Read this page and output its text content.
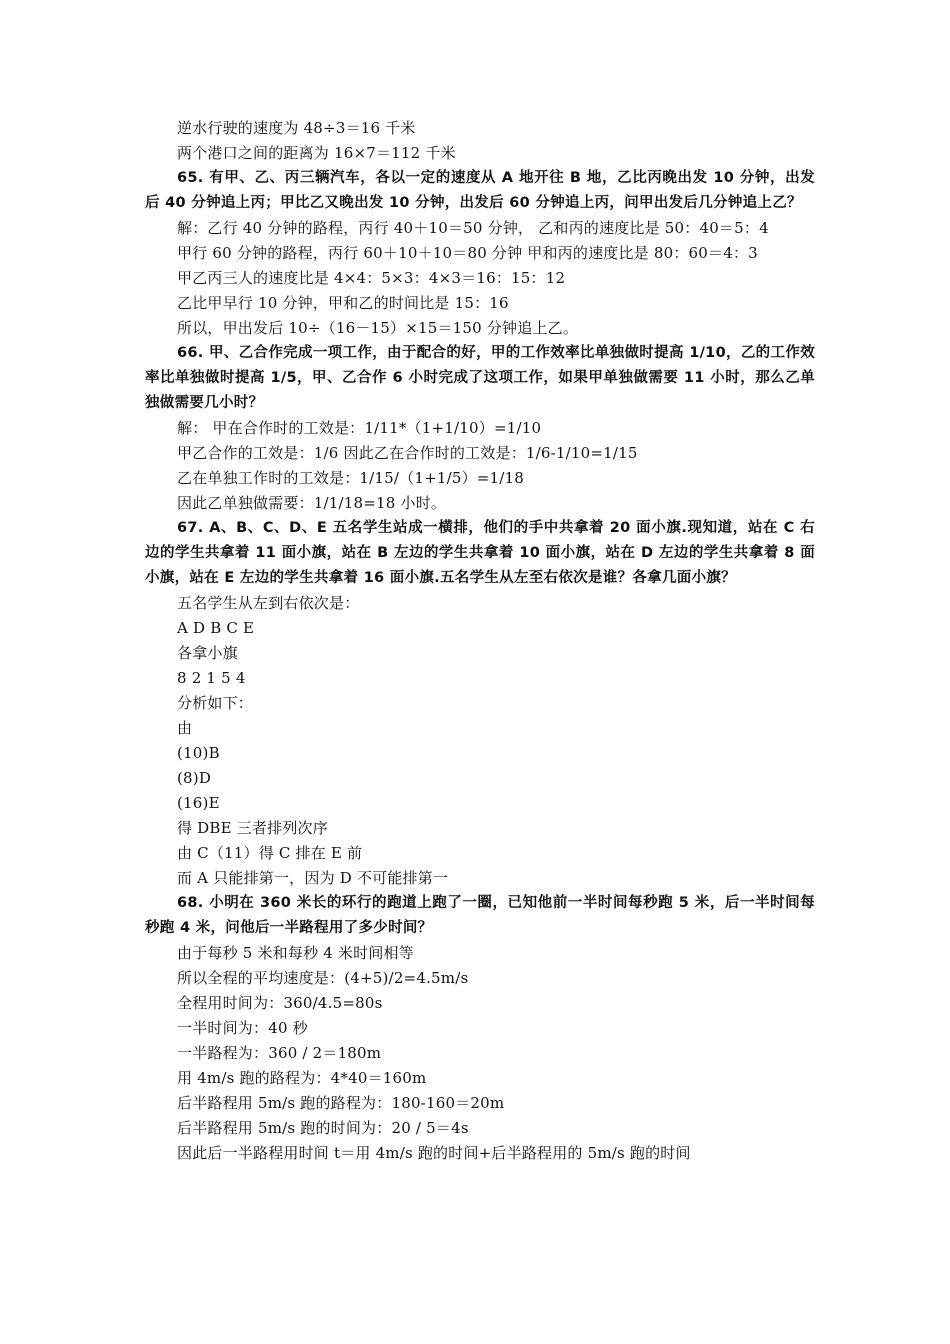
逆水行驶的速度为 48÷3＝16 千米
两个港口之间的距离为 16×7＝112 千米
65. 有甲、乙、丙三辆汽车，各以一定的速度从 A 地开往 B 地，乙比丙晚出发 10 分钟，出发后 40 分钟追上丙；甲比乙又晚出发 10 分钟，出发后 60 分钟追上丙，问甲出发后几分钟追上乙？
解：乙行 40 分钟的路程，丙行 40＋10＝50 分钟， 乙和丙的速度比是 50：40＝5：4
甲行 60 分钟的路程，丙行 60＋10＋10＝80 分钟 甲和丙的速度比是 80：60＝4：3
甲乙丙三人的速度比是 4×4：5×3：4×3＝16：15：12
乙比甲早行 10 分钟，甲和乙的时间比是 15：16
所以，甲出发后 10÷（16－15）×15＝150 分钟追上乙。
66. 甲、乙合作完成一项工作，由于配合的好，甲的工作效率比单独做时提高 1/10，乙的工作效率比单独做时提高 1/5，甲、乙合作 6 小时完成了这项工作，如果甲单独做需要 11 小时，那么乙单独做需要几小时？
解： 甲在合作时的工效是：1/11*（1+1/10）=1/10
甲乙合作的工效是：1/6 因此乙在合作时的工效是：1/6-1/10=1/15
乙在单独工作时的工效是：1/15/（1+1/5）=1/18
因此乙单独做需要：1/1/18=18 小时。
67. A、B、C、D、E 五名学生站成一横排，他们的手中共拿着 20 面小旗.现知道，站在 C 右边的学生共拿着 11 面小旗，站在 B 左边的学生共拿着 10 面小旗，站在 D 左边的学生共拿着 8 面小旗，站在 E 左边的学生共拿着 16 面小旗.五名学生从左至右依次是谁？各拿几面小旗？
五名学生从左到右依次是：
A D B C E
各拿小旗
8 2 1 5 4
分析如下：
由
(10)B
(8)D
(16)E
得 DBE 三者排列次序
由 C（11）得 C 排在 E 前
而 A 只能排第一，因为 D 不可能排第一
68. 小明在 360 米长的环行的跑道上跑了一圈，已知他前一半时间每秒跑 5 米，后一半时间每秒跑 4 米，问他后一半路程用了多少时间？
由于每秒 5 米和每秒 4 米时间相等
所以全程的平均速度是：(4+5)/2=4.5m/s
全程用时间为：360/4.5=80s
一半时间为：40 秒
一半路程为：360 / 2＝180m
用 4m/s 跑的路程为：4*40＝160m
后半路程用 5m/s 跑的路程为：180-160＝20m
后半路程用 5m/s 跑的时间为：20 / 5＝4s
因此后一半路程用时间 t＝用 4m/s 跑的时间+后半路程用的 5m/s 跑的时间
